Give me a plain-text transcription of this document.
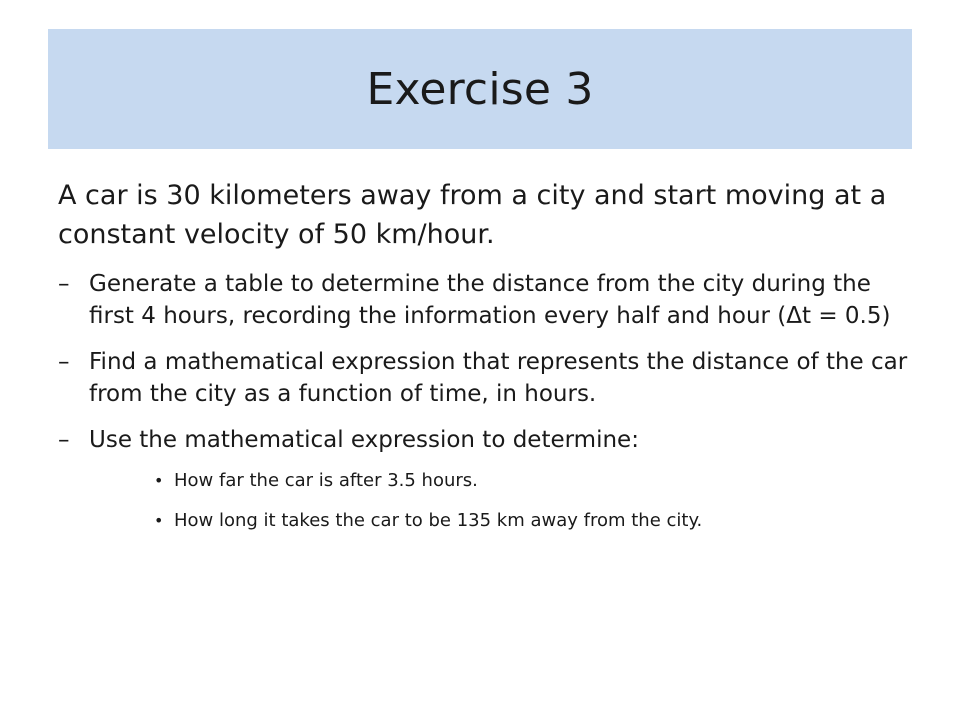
Exercise 3

A car is 30 kilometers away from a city and start moving at a constant velocity of 50 km/hour.

– Generate a table to determine the distance from the city during the first 4 hours, recording the information every half and hour (Δt = 0.5)
– Find a mathematical expression that represents the distance of the car from the city as a function of time, in hours.
– Use the mathematical expression to determine:
• How far the car is after 3.5 hours.
• How long it takes the car to be 135 km away from the city.
